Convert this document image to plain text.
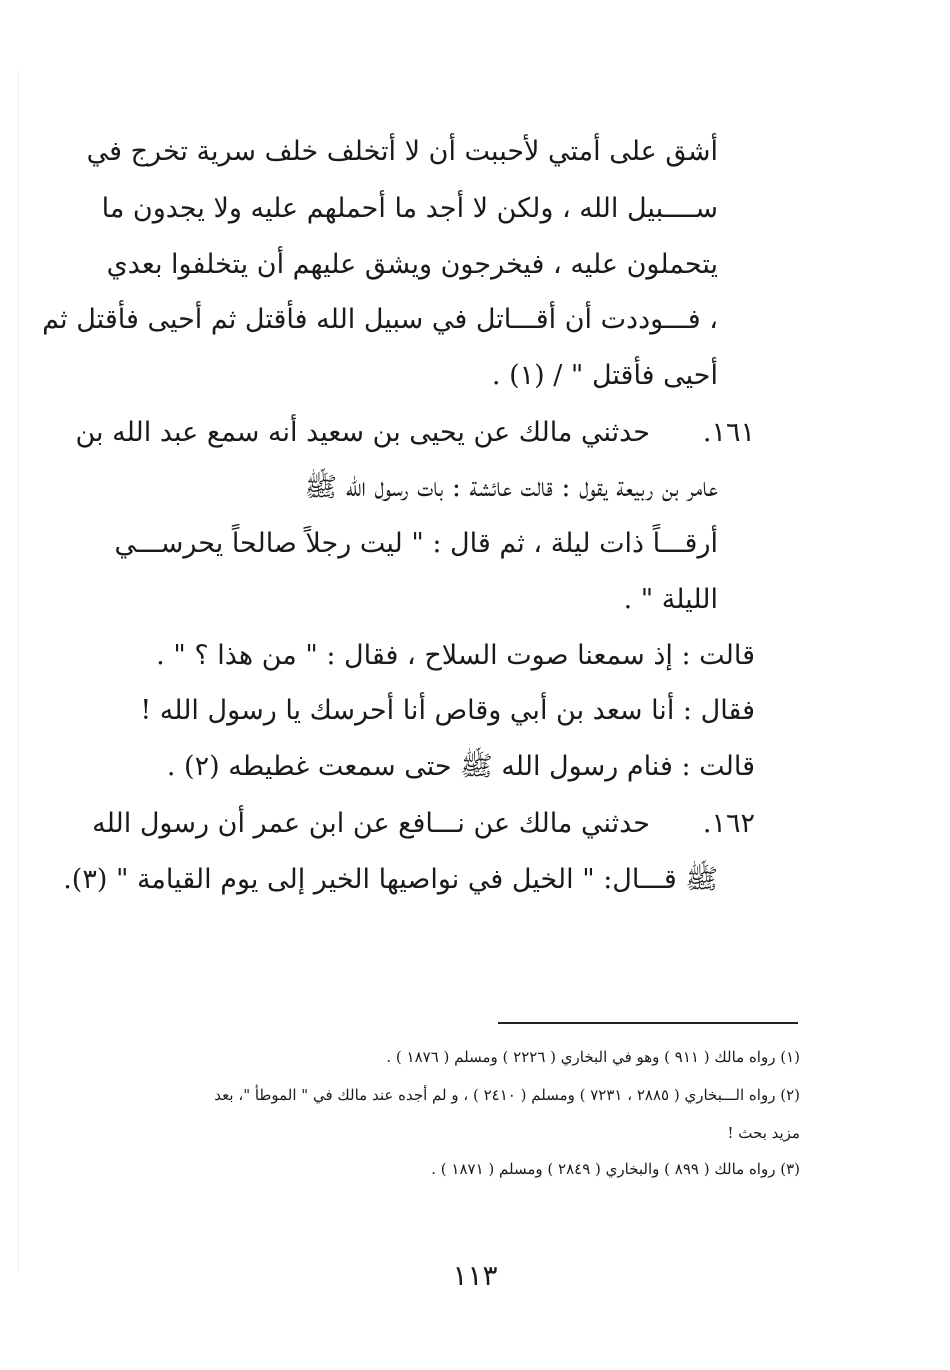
أشق على أمتي لأحببت أن لا أتخلف خلف سرية تخرج في
ســــبيل الله ، ولكن لا أجد ما أحملهم عليه ولا يجدون ما
يتحملون عليه ، فيخرجون ويشق عليهم أن يتخلفوا بعدي
، فـــوددت أن أقـــاتل في سبيل الله فأقتل ثم أحيى فأقتل ثم
أحيى فأقتل " / (١) .
١٦١.
حدثني مالك عن يحيى بن سعيد أنه سمع عبد الله بن
عامر بن ربيعة يقول : قالت عائشة : بات رسول الله ﷺ
أرقـــاً ذات ليلة ، ثم قال : " ليت رجلاً صالحاً يحرســـي
الليلة " .
قالت : إذ سمعنا صوت السلاح ، فقال : " من هذا ؟ " .
فقال : أنا سعد بن أبي وقاص أنا أحرسك يا رسول الله !
قالت : فنام رسول الله ﷺ حتى سمعت غطيطه (٢) .
١٦٢.
حدثني مالك عن نـــافع عن ابن عمر أن رسول الله
ﷺ قـــال: " الخيل في نواصيها الخير إلى يوم القيامة " (٣).
(١) رواه مالك ( ٩١١ ) وهو في البخاري ( ٢٢٢٦ ) ومسلم ( ١٨٧٦ ) .
(٢) رواه الـــبخاري ( ٢٨٨٥ ، ٧٢٣١ ) ومسلم ( ٢٤١٠ ) ، و لم أجده عند مالك في " الموطأ "، بعد
مزيد بحث !
(٣) رواه مالك ( ٨٩٩ ) والبخاري ( ٢٨٤٩ ) ومسلم ( ١٨٧١ ) .
١١٣
